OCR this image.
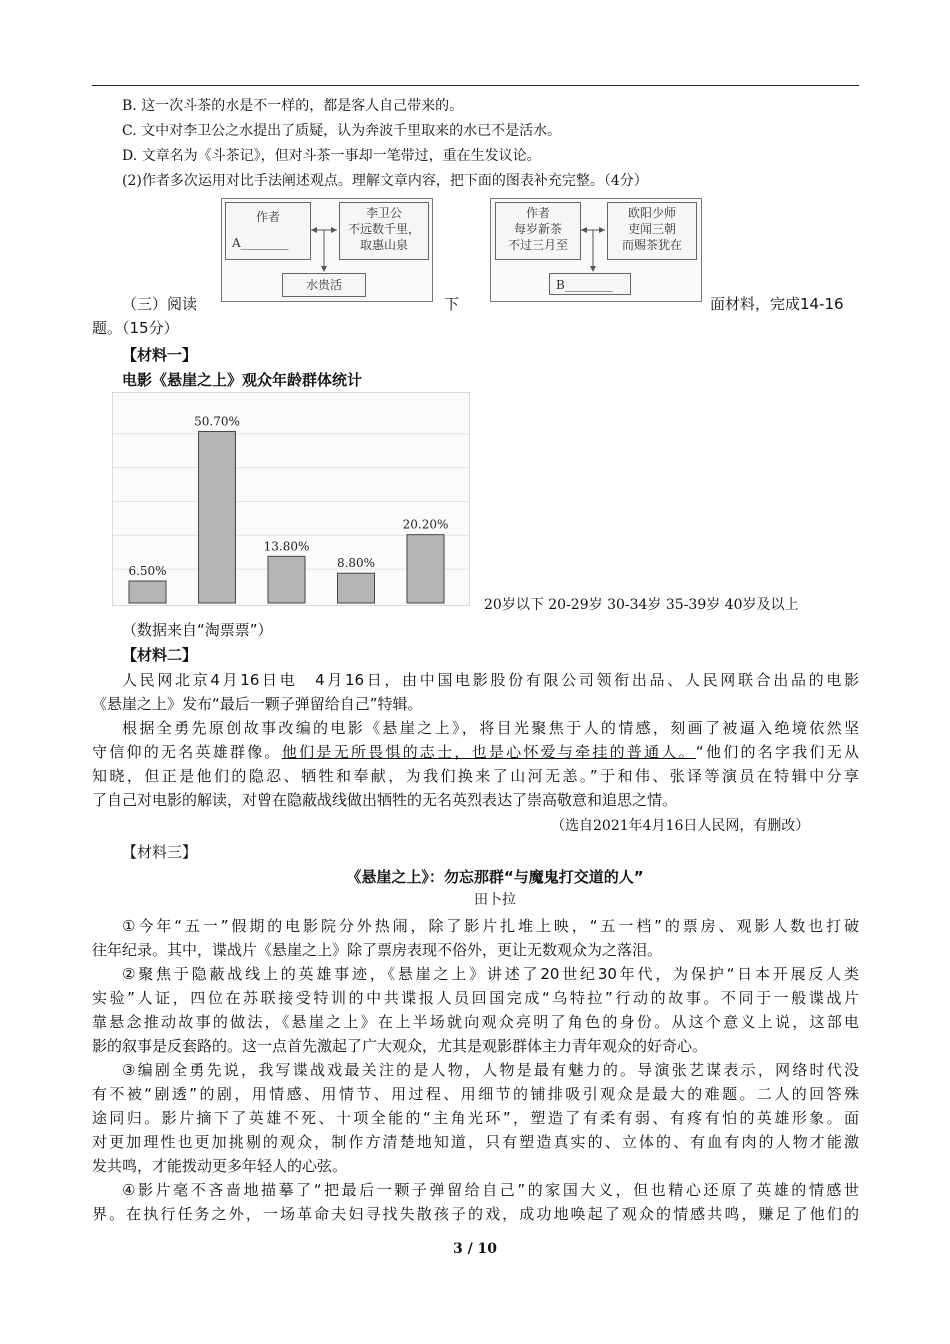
B. 这一次斗茶的水是不一样的，都是客人自己带来的。
C. 文中对李卫公之水提出了质疑，认为奔波千里取来的水已不是活水。
D. 文章名为《斗茶记》，但对斗茶一事却一笔带过，重在生发议论。
(2)作者多次运用对比手法阐述观点。理解文章内容，把下面的图表补充完整。（4分）
作者
A________
李卫公
不远数千里，
取惠山泉
水贵活
作者
每岁新茶
不过三月至
欧阳少师
吏闻三朝
而赐茶犹在
B________
（三）阅读	下	面材料，完成14-16
题。（15分）
【材料一】
电影《悬崖之上》观众年龄群体统计
6.50%
50.70%
13.80%
8.80%
20.20%
20岁以下 20-29岁 30-34岁 35-39岁 40岁及以上
（数据来自“淘票票”）
【材料二】
人民网北京4月16日电　4月16日，由中国电影股份有限公司领衔出品、人民网联合出品的电影
《悬崖之上》发布“最后一颗子弹留给自己”特辑。
根据全勇先原创故事改编的电影《悬崖之上》，将目光聚焦于人的情感，刻画了被逼入绝境依然坚
守信仰的无名英雄群像。他们是无所畏惧的志士，也是心怀爱与牵挂的普通人。“他们的名字我们无从
知晓，但正是他们的隐忍、牺牲和奉献，为我们换来了山河无恙。”于和伟、张译等演员在特辑中分享
了自己对电影的解读，对曾在隐蔽战线做出牺牲的无名英烈表达了崇高敬意和追思之情。
（选自2021年4月16日人民网，有删改）
【材料三】
《悬崖之上》：勿忘那群“与魔鬼打交道的人”
田卜拉
①今年“五一”假期的电影院分外热闹，除了影片扎堆上映，“五一档”的票房、观影人数也打破
往年纪录。其中，谍战片《悬崖之上》除了票房表现不俗外，更让无数观众为之落泪。
②聚焦于隐蔽战线上的英雄事迹，《悬崖之上》讲述了20世纪30年代，为保护“日本开展反人类
实验”人证，四位在苏联接受特训的中共谍报人员回国完成“乌特拉”行动的故事。不同于一般谍战片
靠悬念推动故事的做法，《悬崖之上》在上半场就向观众亮明了角色的身份。从这个意义上说，这部电
影的叙事是反套路的。这一点首先激起了广大观众，尤其是观影群体主力青年观众的好奇心。
③编剧全勇先说，我写谍战戏最关注的是人物，人物是最有魅力的。导演张艺谋表示，网络时代没
有不被“剧透”的剧，用情感、用情节、用过程、用细节的铺排吸引观众是最大的难题。二人的回答殊
途同归。影片摘下了英雄不死、十项全能的“主角光环”，塑造了有柔有弱、有疼有怕的英雄形象。面
对更加理性也更加挑剔的观众，制作方清楚地知道，只有塑造真实的、立体的、有血有肉的人物才能激
发共鸣，才能拨动更多年轻人的心弦。
④影片毫不吝啬地描摹了“把最后一颗子弹留给自己”的家国大义，但也精心还原了英雄的情感世
界。在执行任务之外，一场革命夫妇寻找失散孩子的戏，成功地唤起了观众的情感共鸣，赚足了他们的
3 / 10
